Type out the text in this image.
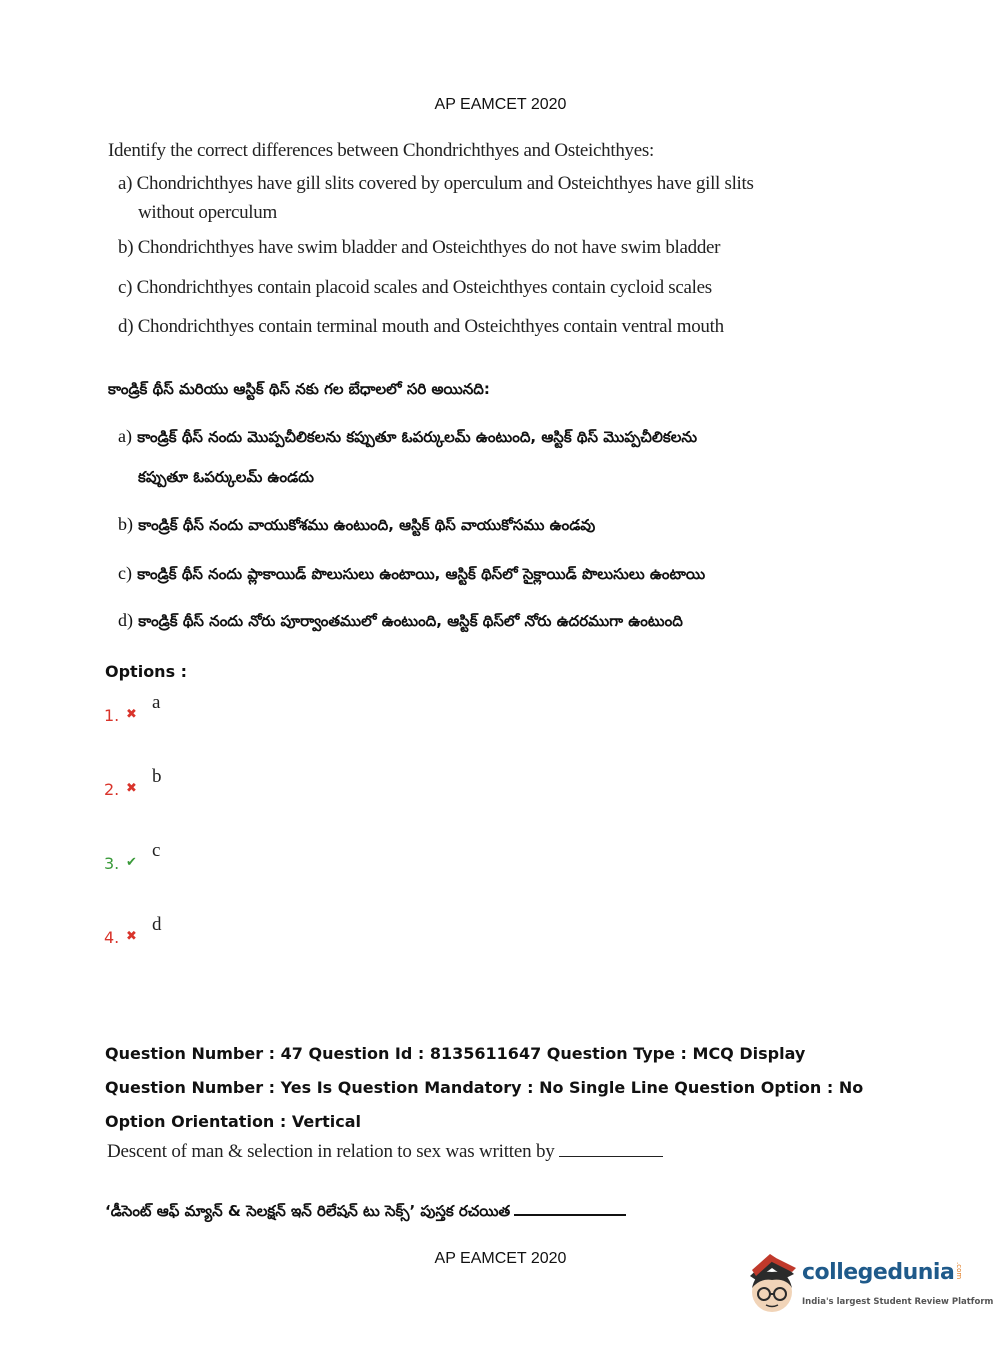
AP EAMCET 2020
Identify the correct differences between Chondrichthyes and Osteichthyes:
a) Chondrichthyes have gill slits covered by operculum and Osteichthyes have gill slits
without operculum
b) Chondrichthyes have swim bladder and Osteichthyes do not have swim bladder
c) Chondrichthyes contain placoid scales and Osteichthyes contain cycloid scales
d) Chondrichthyes contain terminal mouth and Osteichthyes contain ventral mouth
కాండ్రిక్ థీస్ మరియు ఆస్టిక్ థిస్ నకు గల బేధాలలో సరి అయినది:
a) కాండ్రిక్ థీస్ నందు మొప్పచీలికలను కప్పుతూ ఓపర్కులమ్ ఉంటుంది, ఆస్టిక్ థిస్ మొప్పచీలికలను
కప్పుతూ ఓపర్కులమ్ ఉండదు
b) కాండ్రిక్ థీస్ నందు వాయుకోశము ఉంటుంది, ఆస్టిక్ థిస్ వాయుకోసము ఉండవు
c) కాండ్రిక్ థీస్ నందు ప్లాకాయిడ్ పొలుసులు ఉంటాయి, ఆస్టిక్ థిస్‌లో సైక్లాయిడ్ పొలుసులు ఉంటాయి
d) కాండ్రిక్ థీస్ నందు నోరు పూర్వాంతములో ఉంటుంది, ఆస్టిక్ థిస్‌లో నోరు ఉదరముగా ఉంటుంది
Options :
1. ✖
a
2. ✖
b
3. ✔
c
4. ✖
d
Question Number : 47 Question Id : 8135611647 Question Type : MCQ Display Question Number : Yes Is Question Mandatory : No Single Line Question Option : No Option Orientation : Vertical
Descent of man & selection in relation to sex was written by
‘డీసెంట్ ఆఫ్ మ్యాన్ & సెలక్షన్ ఇన్ రిలేషన్ టు సెక్స్’ పుస్తక రచయిత
AP EAMCET 2020
collegedunia .com
India's largest Student Review Platform
